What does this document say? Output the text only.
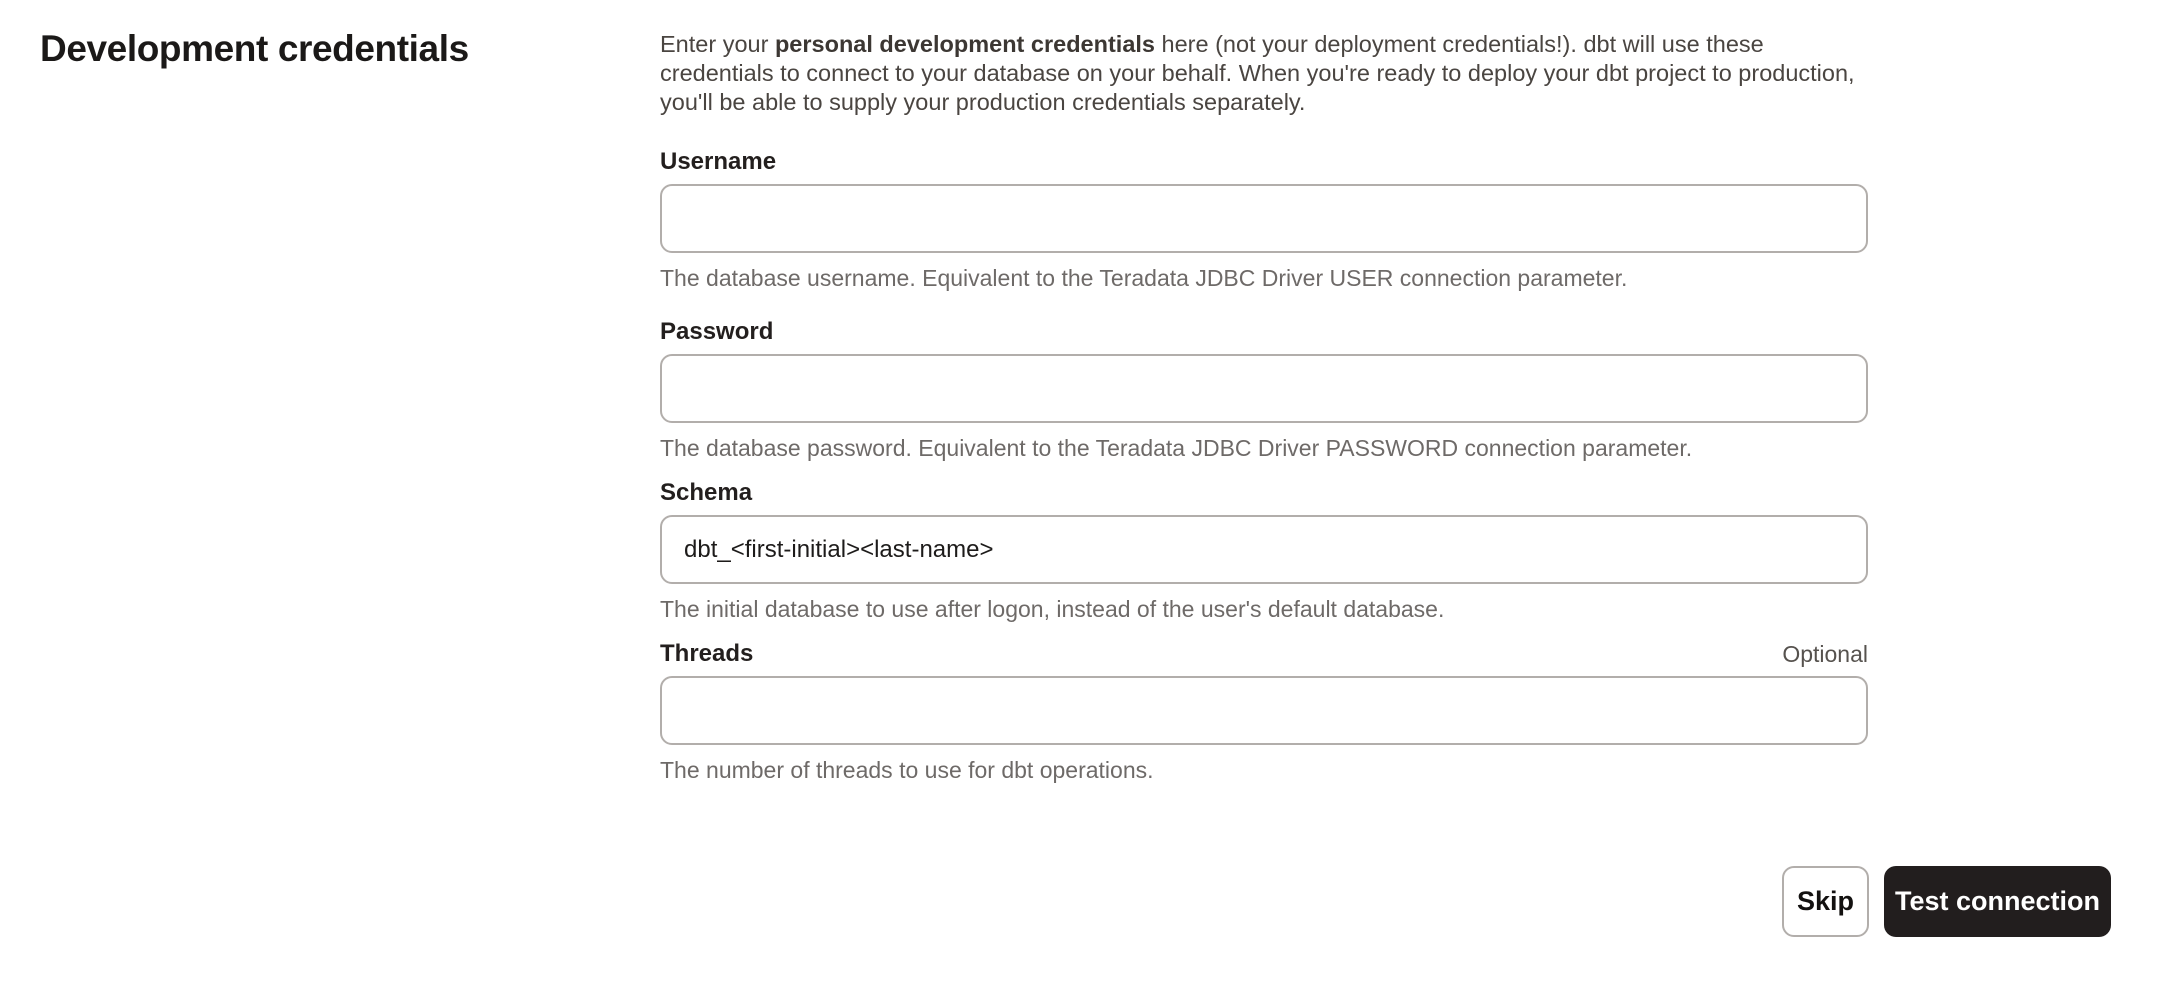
Development credentials	Enter your personal development credentials here (not your deployment credentials!). dbt will use these credentials to connect to your database on your behalf. When you're ready to deploy your dbt project to production, you'll be able to supply your production credentials separately.

Username
The database username. Equivalent to the Teradata JDBC Driver USER connection parameter.
Password
The database password. Equivalent to the Teradata JDBC Driver PASSWORD connection parameter.
Schema
dbt_<first-initial><last-name>
The initial database to use after logon, instead of the user's default database.
Threads	Optional
The number of threads to use for dbt operations.
Skip	Test connection
